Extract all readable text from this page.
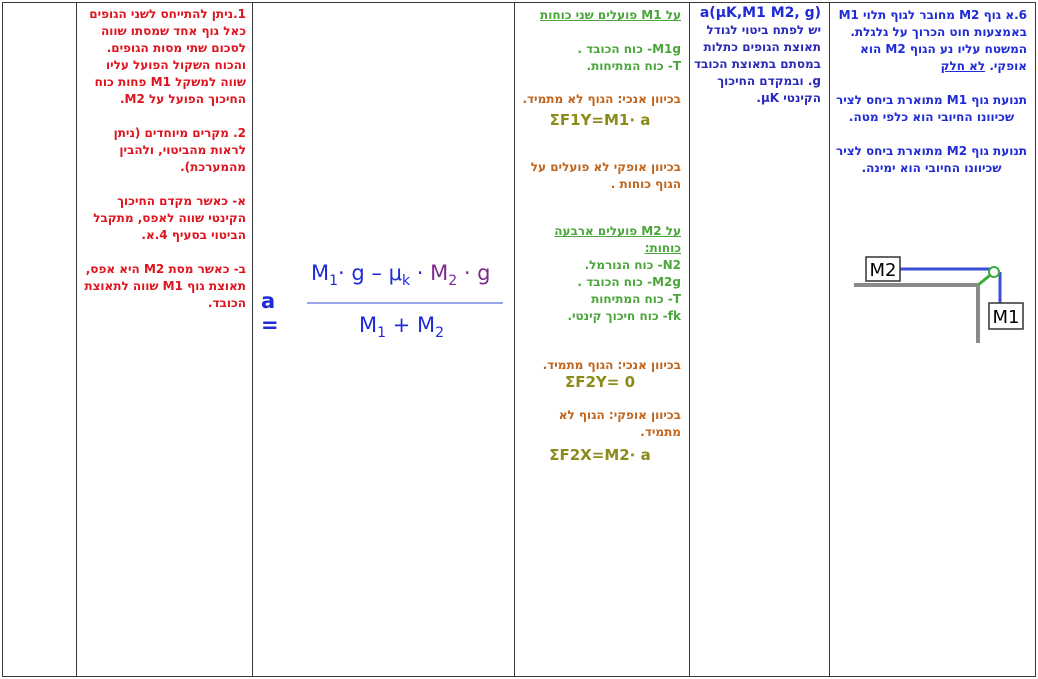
1.ניתן להתייחס לשני הגופים כאל גוף אחד שמסתו שווה לסכום שתי מסות הגופים. והכוח השקול הפועל עליו שווה למשקל M1 פחות כוח החיכוך הפועל על M2.

2. מקרים מיוחדים (ניתן לראות מהביטוי, ולהבין מהמערכת).

א- כאשר מקדם החיכוך הקינטי שווה לאפס, מתקבל הביטוי בסעיף 4.א.

ב- כאשר מסת M2 היא אפס, תאוצת גוף M1 שווה לתאוצת הכובד.	a =
$M_1\cdot g - \mu_k \cdot M_2 \cdot g$
$M_1 + M_2$

על M1 פועלים שני כוחות

M1g- כוח הכובד .

T- כוח המתיחות.

בכיוון אנכי: הגוף לא מתמיד.

ΣF1Y=M1∙ a

בכיוון אופקי לא פועלים על הגוף כוחות .

על M2 פועלים ארבעה כוחות:

N2- כוח הנורמל.

M2g- כוח הכובד .

T- כוח המתיחות

fk- כוח חיכוך קינטי.

בכיוון אנכי: הגוף מתמיד.

ΣF2Y= 0

בכיוון אופקי: הגוף לא מתמיד.

ΣF2X=M2∙ a

a(μK,M1 M2, g)

יש לפתח ביטוי לגודל תאוצת הגופים כתלות במסתם בתאוצת הכובד g. ובמקדם החיכוך הקינטי μK.

6.א גוף M2 מחובר לגוף תלוי M1 באמצעות חוט הכרוך על גלגלת.

המשטח עליו נע הגוף M2 הוא אופקי. לא חלק

תנועת גוף M1 מתוארת ביחס לציר שכיוונו החיובי הוא כלפי מטה.

תנועת גוף M2 מתוארת ביחס לציר שכיוונו החיובי הוא ימינה.

M2
M1
